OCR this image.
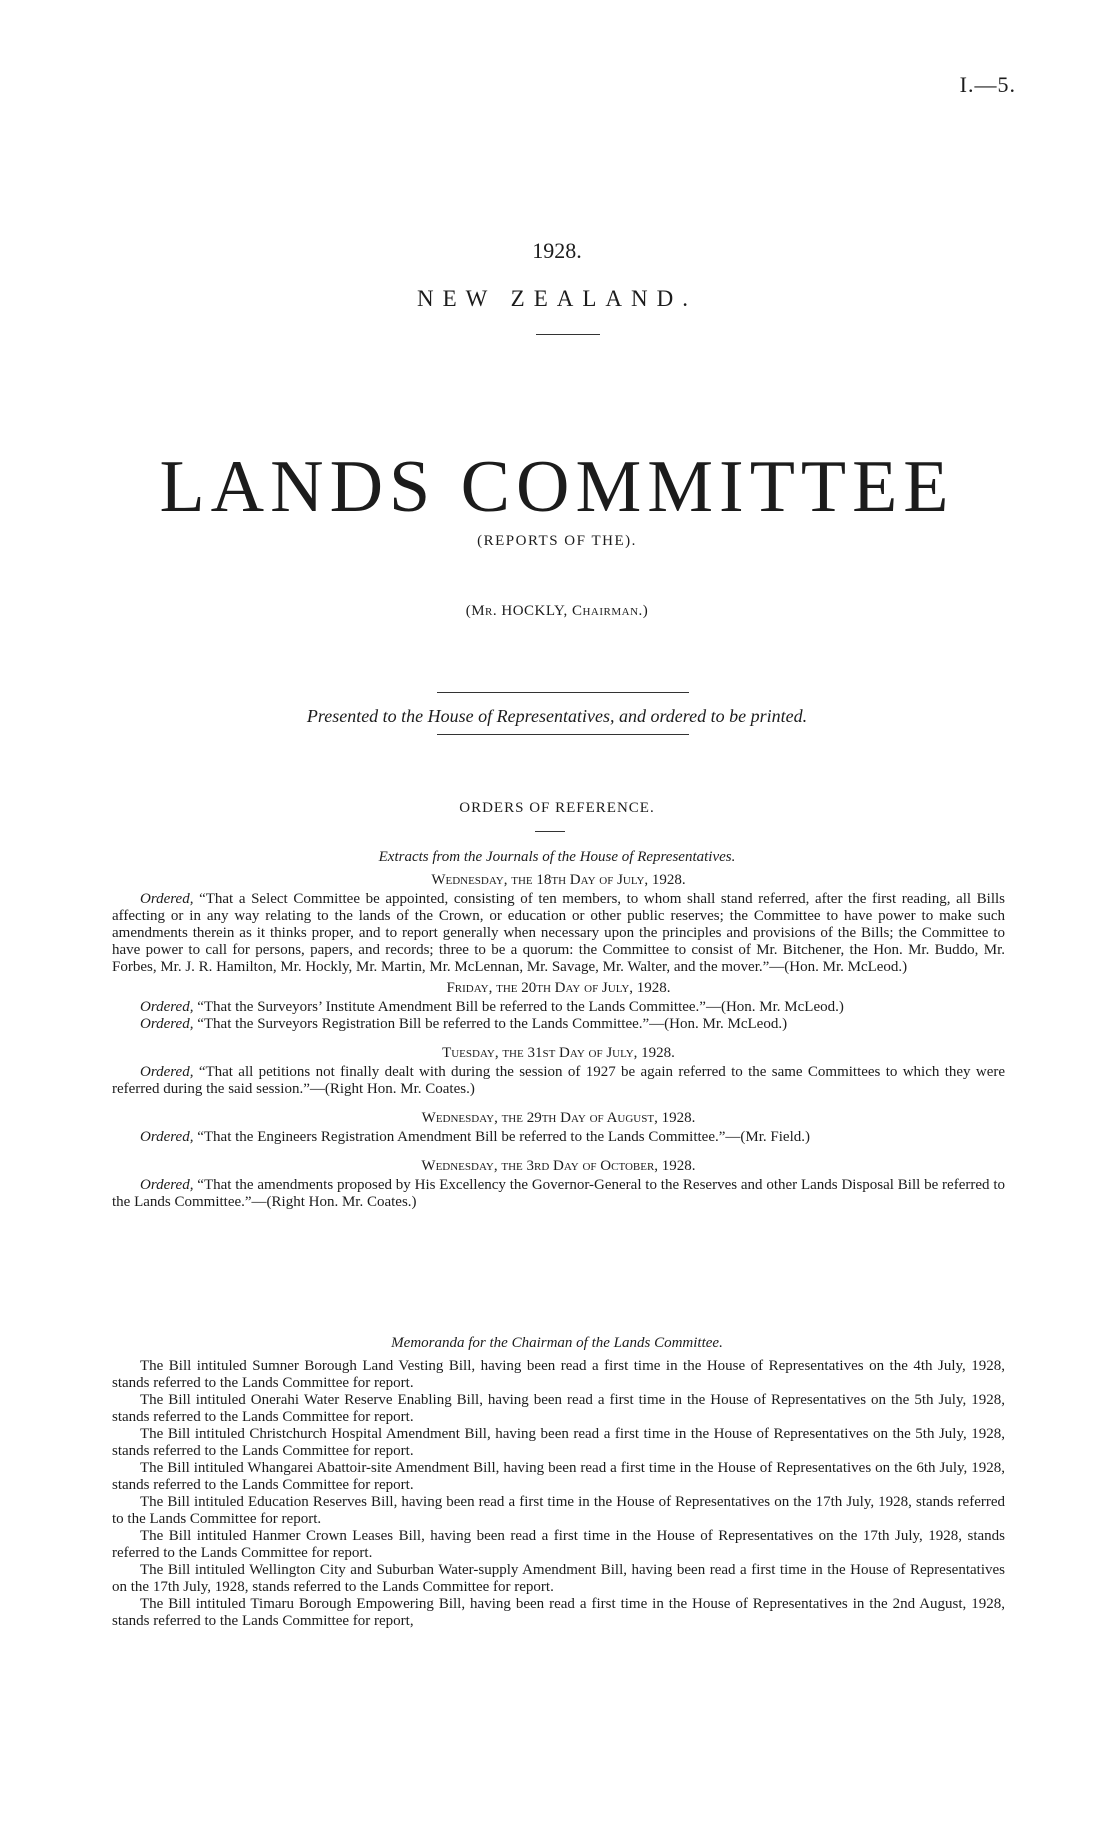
I.—5.
1928.
NEW ZEALAND.
LANDS COMMITTEE
(REPORTS OF THE).
(Mr. HOCKLY, Chairman.)
Presented to the House of Representatives, and ordered to be printed.
ORDERS OF REFERENCE.
Extracts from the Journals of the House of Representatives.
Wednesday, the 18th Day of July, 1928.

Ordered, “That a Select Committee be appointed, consisting of ten members, to whom shall stand referred, after the first reading, all Bills affecting or in any way relating to the lands of the Crown, or education or other public reserves; the Committee to have power to make such amendments therein as it thinks proper, and to report generally when necessary upon the principles and provisions of the Bills; the Committee to have power to call for persons, papers, and records; three to be a quorum: the Committee to consist of Mr. Bitchener, the Hon. Mr. Buddo, Mr. Forbes, Mr. J. R. Hamilton, Mr. Hockly, Mr. Martin, Mr. McLennan, Mr. Savage, Mr. Walter, and the mover.”—(Hon. Mr. McLeod.)

Friday, the 20th Day of July, 1928.

Ordered, “That the Surveyors’ Institute Amendment Bill be referred to the Lands Committee.”—(Hon. Mr. McLeod.)

Ordered, “That the Surveyors Registration Bill be referred to the Lands Committee.”—(Hon. Mr. McLeod.)

Tuesday, the 31st Day of July, 1928.

Ordered, “That all petitions not finally dealt with during the session of 1927 be again referred to the same Committees to which they were referred during the said session.”—(Right Hon. Mr. Coates.)

Wednesday, the 29th Day of August, 1928.

Ordered, “That the Engineers Registration Amendment Bill be referred to the Lands Committee.”—(Mr. Field.)

Wednesday, the 3rd Day of October, 1928.

Ordered, “That the amendments proposed by His Excellency the Governor-General to the Reserves and other Lands Disposal Bill be referred to the Lands Committee.”—(Right Hon. Mr. Coates.)

Memoranda for the Chairman of the Lands Committee.

The Bill intituled Sumner Borough Land Vesting Bill, having been read a first time in the House of Representatives on the 4th July, 1928, stands referred to the Lands Committee for report.

The Bill intituled Onerahi Water Reserve Enabling Bill, having been read a first time in the House of Representatives on the 5th July, 1928, stands referred to the Lands Committee for report.

The Bill intituled Christchurch Hospital Amendment Bill, having been read a first time in the House of Representatives on the 5th July, 1928, stands referred to the Lands Committee for report.

The Bill intituled Whangarei Abattoir-site Amendment Bill, having been read a first time in the House of Representatives on the 6th July, 1928, stands referred to the Lands Committee for report.

The Bill intituled Education Reserves Bill, having been read a first time in the House of Representatives on the 17th July, 1928, stands referred to the Lands Committee for report.

The Bill intituled Hanmer Crown Leases Bill, having been read a first time in the House of Representatives on the 17th July, 1928, stands referred to the Lands Committee for report.

The Bill intituled Wellington City and Suburban Water-supply Amendment Bill, having been read a first time in the House of Representatives on the 17th July, 1928, stands referred to the Lands Committee for report.

The Bill intituled Timaru Borough Empowering Bill, having been read a first time in the House of Representatives in the 2nd August, 1928, stands referred to the Lands Committee for report,
